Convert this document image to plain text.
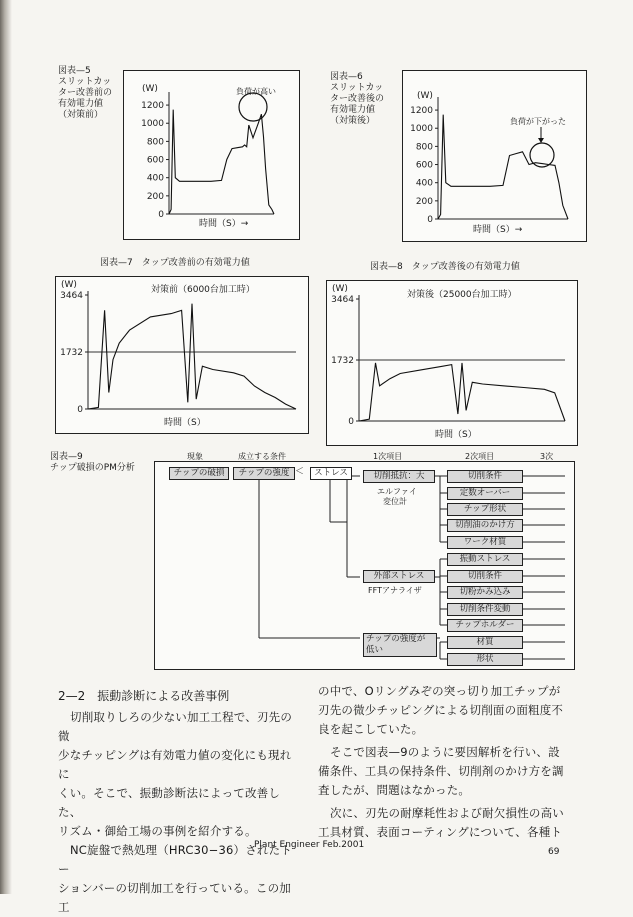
図表—5
スリットカッ
ター改善前の
有効電力値
（対策前）
1200
1000
800
600
400
200
0
(W)	負荷が高い
時間（S）→
図表—6
スリットカッ
ター改善後の
有効電力値
（対策後）
1200
1000
800
600
400
200
0
(W)
負荷が下がった
時間（S）→
図表—7　タップ改善前の有効電力値
3464
1732
0
(W)	対策前（6000台加工時）
時間（S）
図表—8　タップ改善後の有効電力値
3464
1732
0
(W)
対策後（25000台加工時）
時間（S）
図表—9
チップ破損のPM分析
現象	成立する条件	1次項目	2次項目	3次
チップの破損	チップの強度 ＜	ストレス	切削抵抗：大
エルファイ
変位計
外部ストレス
FFTアナライザ
チップの強度が
低い
切削条件
定数オーバー
チップ形状
切削油のかけ方
ワーク材質
振動ストレス
切削条件
切粉かみ込み
切削条件変動
チップホルダー
材質
形状
2—2　振動診断による改善事例
切削取りしろの少ない加工工程で、刃先の微
少なチッピングは有効電力値の変化にも現れに
くい。そこで、振動診断法によって改善した、
リズム・御給工場の事例を紹介する。
NC旋盤で熱処理（HRC30−36）されたトー
ションバーの切削加工を行っている。この加工
の中で、Oリングみぞの突っ切り加工チップが
刃先の微少チッピングによる切削面の面粗度不
良を起こしていた。
そこで図表—9のように要因解析を行い、設
備条件、工具の保持条件、切削剤のかけ方を調
査したが、問題はなかった。
次に、刃先の耐摩耗性および耐欠損性の高い
工具材質、表面コーティングについて、各種ト
Plant Engineer Feb.2001
69
